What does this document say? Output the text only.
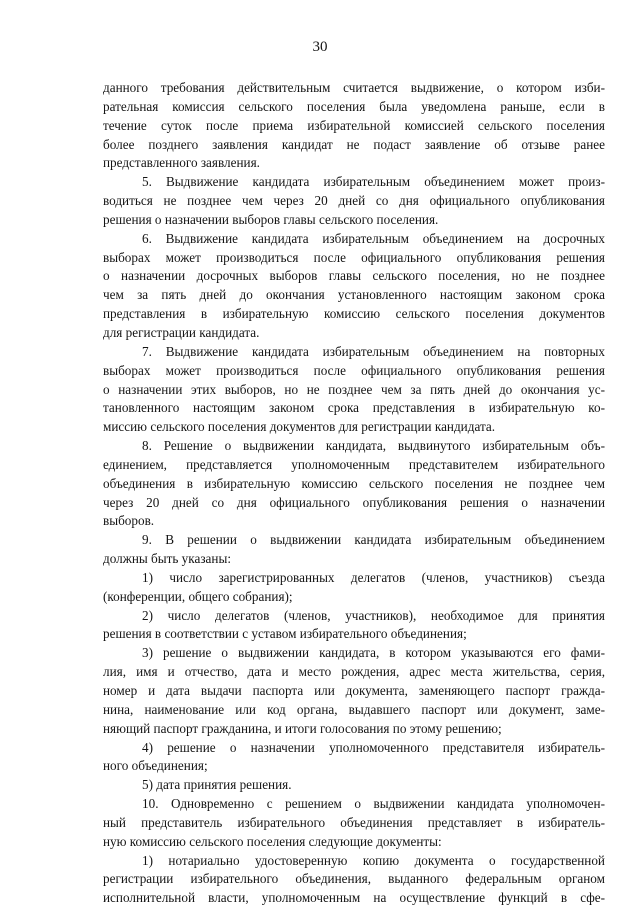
30
данного требования действительным считается выдвижение, о котором изби-
рательная комиссия сельского поселения была уведомлена раньше, если в
течение суток после приема избирательной комиссией сельского поселения
более позднего заявления кандидат не подаст заявление об отзыве ранее
представленного заявления.
5. Выдвижение кандидата избирательным объединением может произ-
водиться не позднее чем через 20 дней со дня официального опубликования
решения о назначении выборов главы сельского поселения.
6. Выдвижение кандидата избирательным объединением на досрочных
выборах может производиться после официального опубликования решения
о назначении досрочных выборов главы сельского поселения, но не позднее
чем за пять дней до окончания установленного настоящим законом срока
представления в избирательную комиссию сельского поселения документов
для регистрации кандидата.
7. Выдвижение кандидата избирательным объединением на повторных
выборах может производиться после официального опубликования решения
о назначении этих выборов, но не позднее чем за пять дней до окончания ус-
тановленного настоящим законом срока представления в избирательную ко-
миссию сельского поселения документов для регистрации кандидата.
8. Решение о выдвижении кандидата, выдвинутого избирательным объ-
единением, представляется уполномоченным представителем избирательного
объединения в избирательную комиссию сельского поселения не позднее чем
через 20 дней со дня официального опубликования решения о назначении
выборов.
9. В решении о выдвижении кандидата избирательным объединением
должны быть указаны:
1) число зарегистрированных делегатов (членов, участников) съезда
(конференции, общего собрания);
2) число делегатов (членов, участников), необходимое для принятия
решения в соответствии с уставом избирательного объединения;
3) решение о выдвижении кандидата, в котором указываются его фами-
лия, имя и отчество, дата и место рождения, адрес места жительства, серия,
номер и дата выдачи паспорта или документа, заменяющего паспорт гражда-
нина, наименование или код органа, выдавшего паспорт или документ, заме-
няющий паспорт гражданина, и итоги голосования по этому решению;
4) решение о назначении уполномоченного представителя избиратель-
ного объединения;
5) дата принятия решения.
10. Одновременно с решением о выдвижении кандидата уполномочен-
ный представитель избирательного объединения представляет в избиратель-
ную комиссию сельского поселения следующие документы:
1) нотариально удостоверенную копию документа о государственной
регистрации избирательного объединения, выданного федеральным органом
исполнительной власти, уполномоченным на осуществление функций в сфе-
